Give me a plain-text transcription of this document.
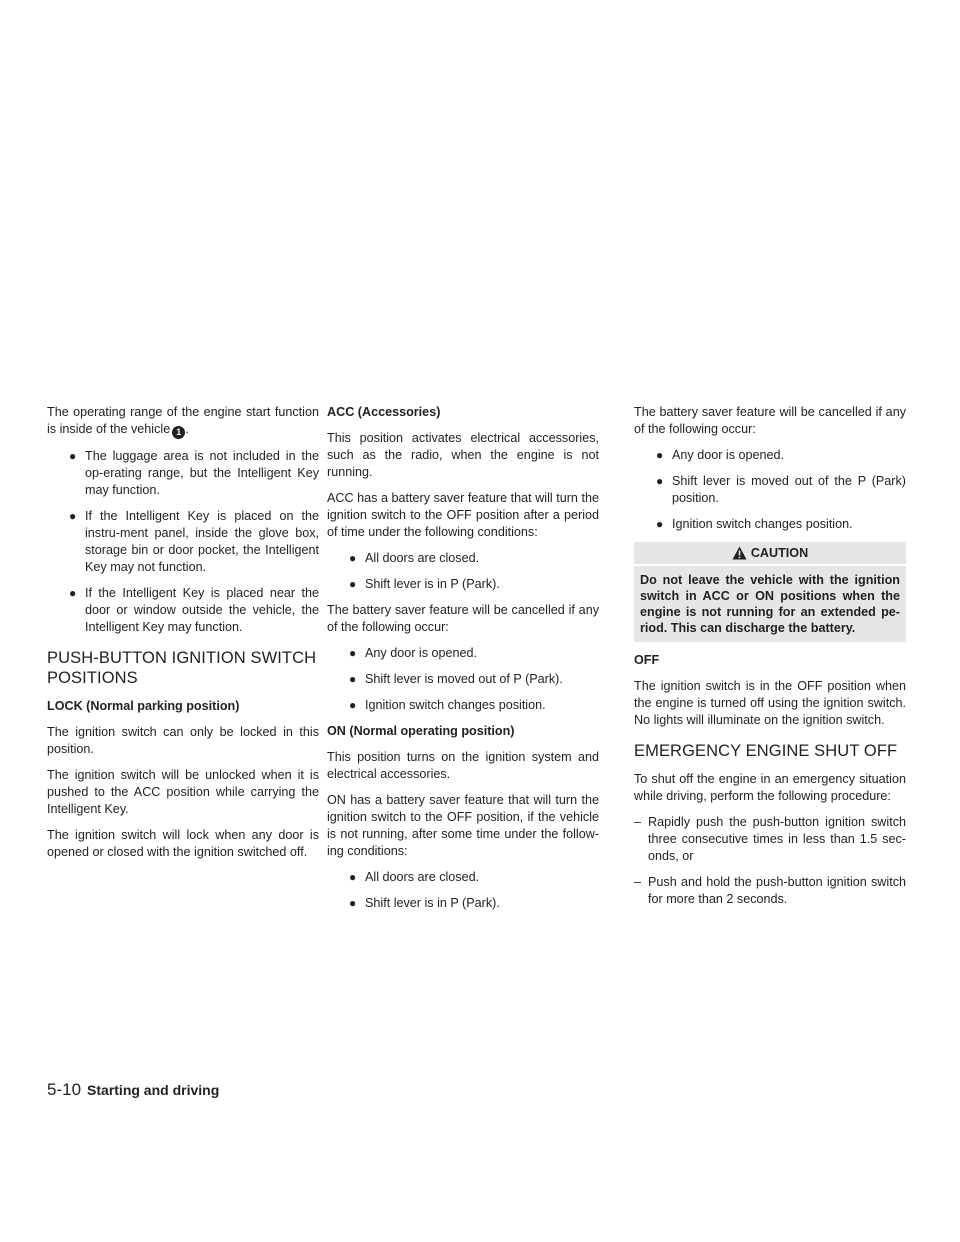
The operating range of the engine start function is inside of the vehicle 1 .

● The luggage area is not included in the op-erating range, but the Intelligent Key may function.
● If the Intelligent Key is placed on the instru-ment panel, inside the glove box, storage bin or door pocket, the Intelligent Key may not function.
● If the Intelligent Key is placed near the door or window outside the vehicle, the Intelligent Key may function.
PUSH-BUTTON IGNITION SWITCH POSITIONS
LOCK (Normal parking position)

The ignition switch can only be locked in this position.

The ignition switch will be unlocked when it is pushed to the ACC position while carrying the Intelligent Key.

The ignition switch will lock when any door is opened or closed with the ignition switched off.

ACC (Accessories)

This position activates electrical accessories, such as the radio, when the engine is not running.

ACC has a battery saver feature that will turn the ignition switch to the OFF position after a period of time under the following conditions:

● All doors are closed.
● Shift lever is in P (Park).

The battery saver feature will be cancelled if any of the following occur:

● Any door is opened.
● Shift lever is moved out of P (Park).
● Ignition switch changes position.
ON (Normal operating position)

This position turns on the ignition system and electrical accessories.

ON has a battery saver feature that will turn the ignition switch to the OFF position, if the vehicle is not running, after some time under the follow-ing conditions:

● All doors are closed.
● Shift lever is in P (Park).

The battery saver feature will be cancelled if any of the following occur:

● Any door is opened.
● Shift lever is moved out of the P (Park) position.
● Ignition switch changes position.
CAUTION
Do not leave the vehicle with the ignition switch in ACC or ON positions when the engine is not running for an extended pe-riod. This can discharge the battery.
OFF

The ignition switch is in the OFF position when the engine is turned off using the ignition switch. No lights will illuminate on the ignition switch.

EMERGENCY ENGINE SHUT OFF

To shut off the engine in an emergency situation while driving, perform the following procedure:

– Rapidly push the push-button ignition switch three consecutive times in less than 1.5 sec-onds, or
– Push and hold the push-button ignition switch for more than 2 seconds.
5-10 Starting and driving
